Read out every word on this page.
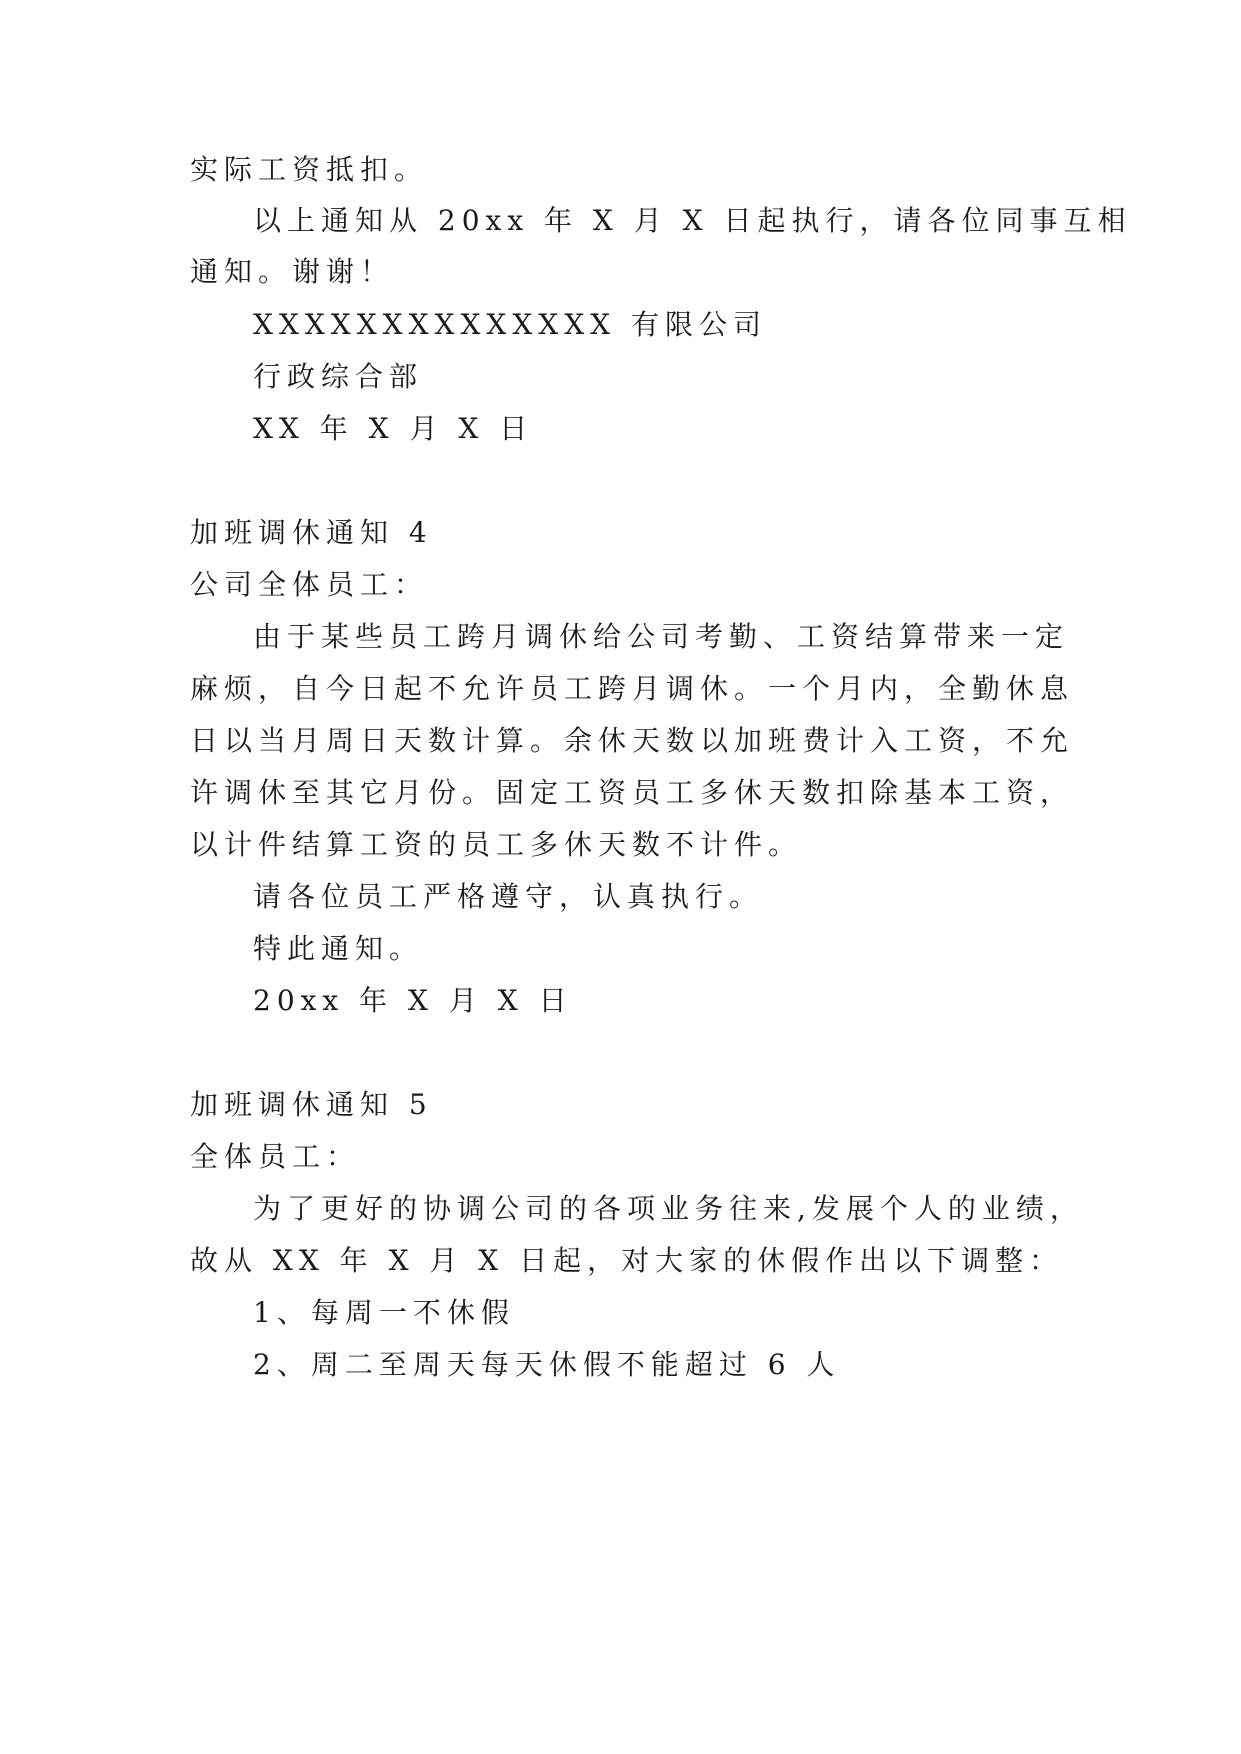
实际工资抵扣。
以上通知从 20xx 年 X 月 X 日起执行，请各位同事互相
通知。谢谢！
XXXXXXXXXXXXXX 有限公司
行政综合部
XX 年 X 月 X 日
加班调休通知 4
公司全体员工：
由于某些员工跨月调休给公司考勤、工资结算带来一定
麻烦，自今日起不允许员工跨月调休。一个月内，全勤休息
日以当月周日天数计算。余休天数以加班费计入工资，不允
许调休至其它月份。固定工资员工多休天数扣除基本工资，
以计件结算工资的员工多休天数不计件。
请各位员工严格遵守，认真执行。
特此通知。
20xx 年 X 月 X 日
加班调休通知 5
全体员工：
为了更好的协调公司的各项业务往来,发展个人的业绩，
故从 XX 年 X 月 X 日起，对大家的休假作出以下调整：
1、每周一不休假
2、周二至周天每天休假不能超过 6 人
